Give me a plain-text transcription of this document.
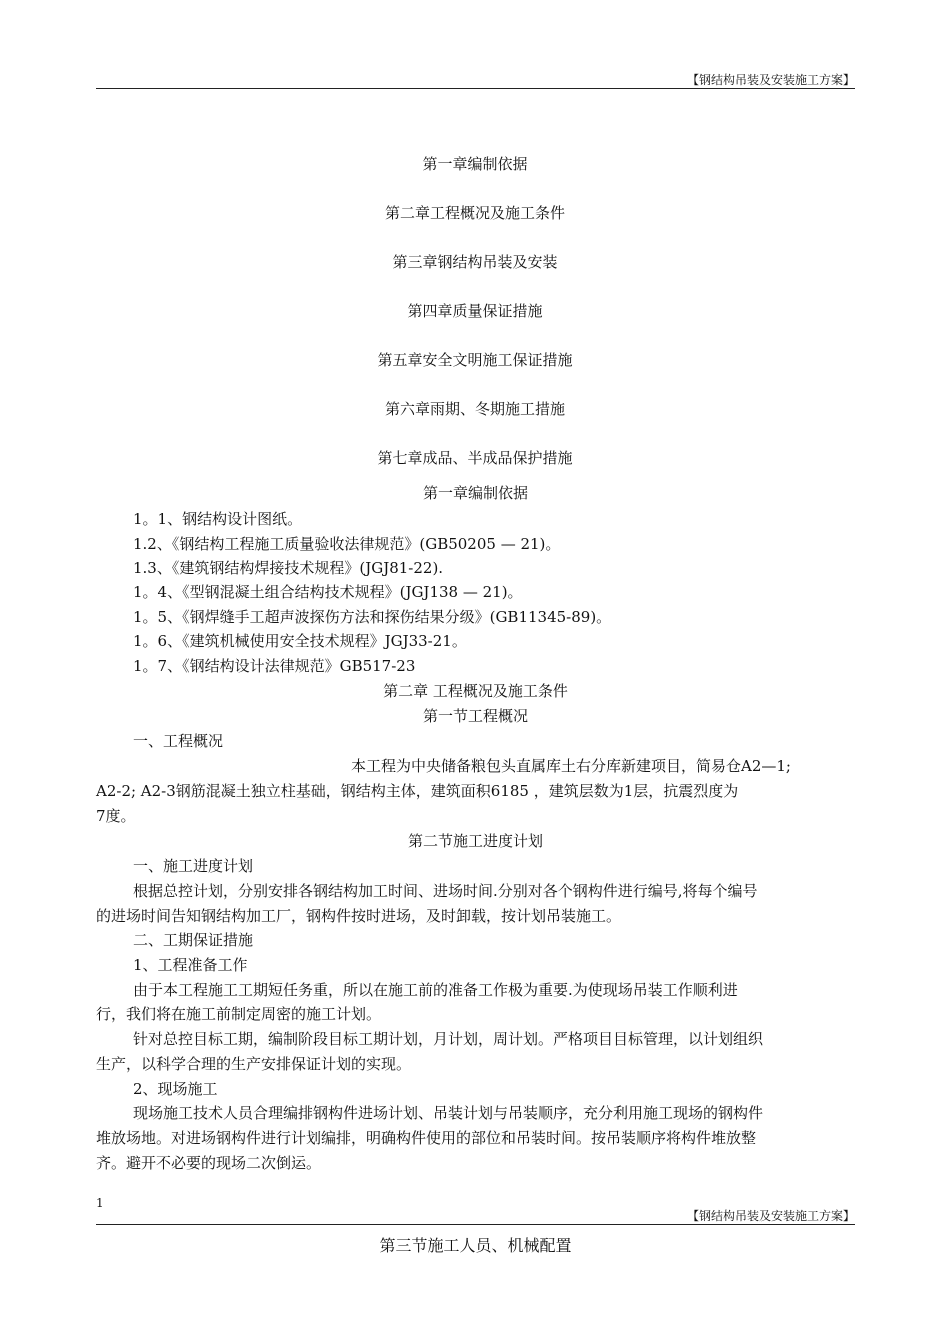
【钢结构吊装及安装施工方案】
第一章编制依据
第二章工程概况及施工条件
第三章钢结构吊装及安装
第四章质量保证措施
第五章安全文明施工保证措施
第六章雨期、冬期施工措施
第七章成品、半成品保护措施
第一章编制依据
1。1、钢结构设计图纸。
1.2、《钢结构工程施工质量验收法律规范》(GB50205 — 21)。
1.3、《建筑钢结构焊接技术规程》(JGJ81-22).
1。4、《型钢混凝土组合结构技术规程》(JGJ138 — 21)。
1。5、《钢焊缝手工超声波探伤方法和探伤结果分级》(GB11345-89)。
1。6、《建筑机械使用安全技术规程》JGJ33-21。
1。7、《钢结构设计法律规范》GB517-23
第二章 工程概况及施工条件
第一节工程概况
一、工程概况
本工程为中央储备粮包头直属库土右分库新建项目，简易仓A2—1;
A2-2; A2-3钢筋混凝土独立柱基础，钢结构主体，建筑面积6185 ，建筑层数为1层，抗震烈度为
7度。
第二节施工进度计划
一、施工进度计划
根据总控计划，分别安排各钢结构加工时间、进场时间.分别对各个钢构件进行编号,将每个编号
的进场时间告知钢结构加工厂，钢构件按时进场，及时卸载，按计划吊装施工。
二、工期保证措施
1、工程准备工作
由于本工程施工工期短任务重，所以在施工前的准备工作极为重要.为使现场吊装工作顺利进
行，我们将在施工前制定周密的施工计划。
针对总控目标工期，编制阶段目标工期计划，月计划，周计划。严格项目目标管理，以计划组织
生产，以科学合理的生产安排保证计划的实现。
2、现场施工
现场施工技术人员合理编排钢构件进场计划、吊装计划与吊装顺序，充分利用施工现场的钢构件
堆放场地。对进场钢构件进行计划编排，明确构件使用的部位和吊装时间。按吊装顺序将构件堆放整
齐。避开不必要的现场二次倒运。
1
【钢结构吊装及安装施工方案】
第三节施工人员、机械配置
